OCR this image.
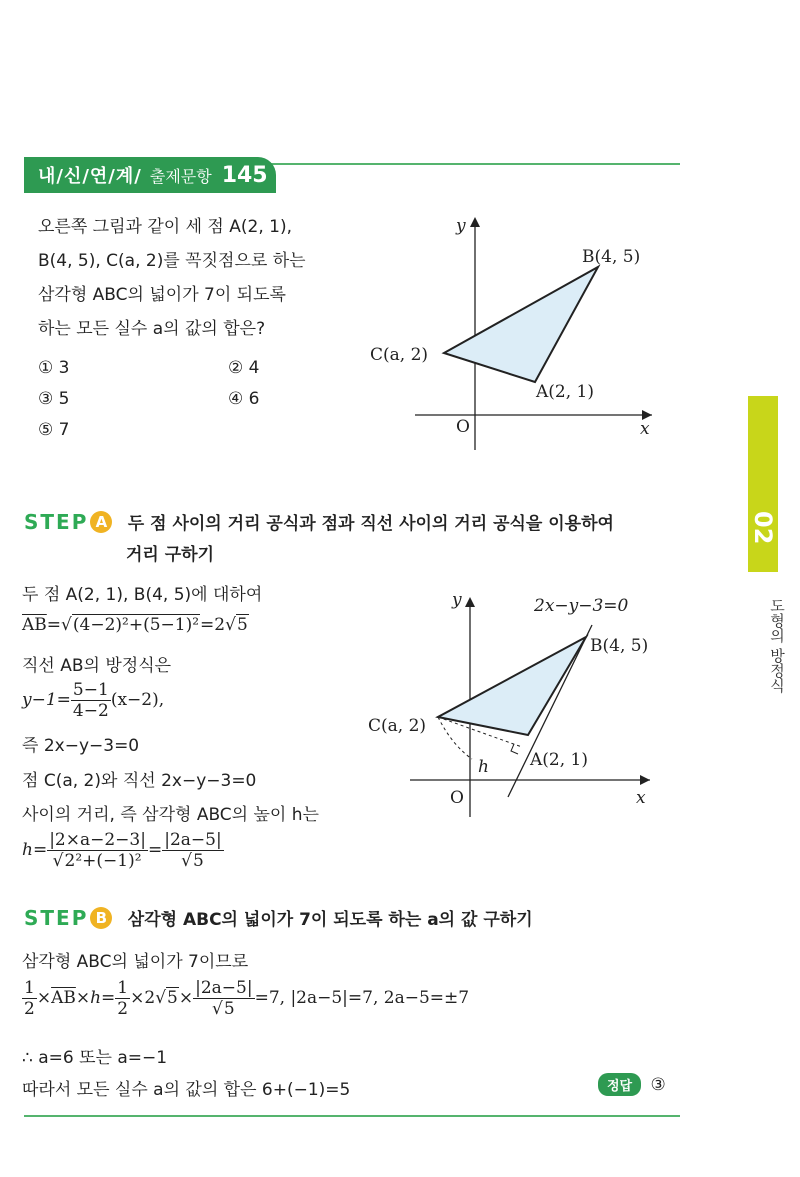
내/신/연/계/ 출제문항 145
오른쪽 그림과 같이 세 점 A(2, 1),
B(4, 5), C(a, 2)를 꼭짓점으로 하는
삼각형 ABC의 넓이가 7이 되도록
하는 모든 실수 a의 값의 합은?
① 3	② 4
③ 5	④ 6
⑤ 7
y
x
O
B(4, 5)
C(a, 2)
A(2, 1)
STEP A 두 점 사이의 거리 공식과 점과 직선 사이의 거리 공식을 이용하여
거리 구하기
두 점 A(2, 1), B(4, 5)에 대하여
$\overline{AB}=√(4-2)^2+(5-1)^2=2√5$
직선 AB의 방정식은
$y-1= \frac{5-1}{4-2} (x-2)$,
즉 2x−y−3=0
점 C(a, 2)와 직선 2x−y−3=0
사이의 거리, 즉 삼각형 ABC의 높이 h는
$h= \frac{|2\times a-2-3|}{\text{√2²+(−1)²}} = \frac{|2a-5|}{√5}$
y
x
O
2x−y−3=0
B(4, 5)
C(a, 2)
A(2, 1)
h
STEP B 삼각형 ABC의 넓이가 7이 되도록 하는 a의 값 구하기
삼각형 ABC의 넓이가 7이므로
$\frac{1}{2} \times\overline{AB}\times h= \frac{1}{2} \times 2√5\times \frac{|2a-5|}{√5} =7$, |2a−5|=7, 2a−5=±7
∴ a=6 또는 a=−1
따라서 모든 실수 a의 값의 합은 6+(−1)=5	정답 ③
02
도형의 방정식
